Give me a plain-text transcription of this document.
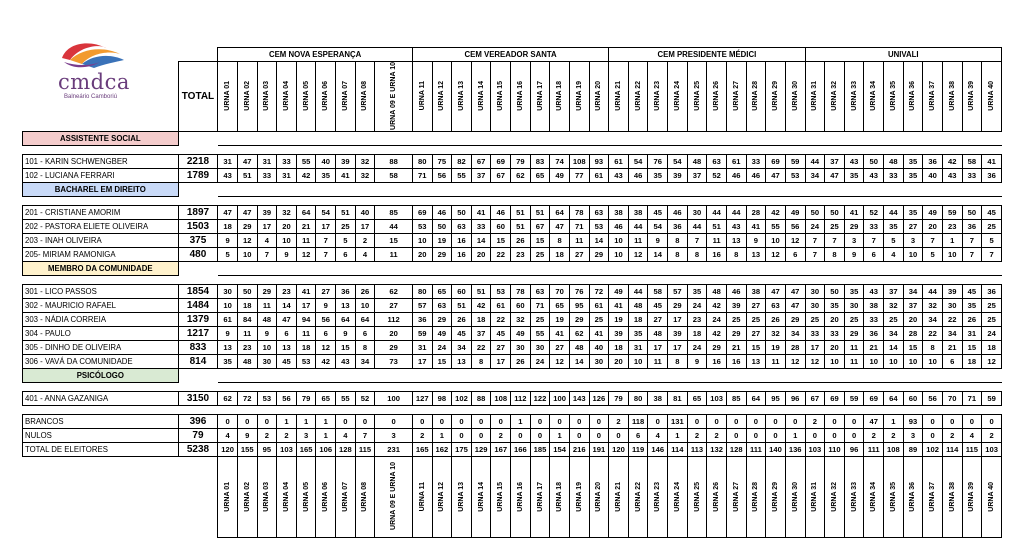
cmdca
Balneário Camboriú
		CEM NOVA ESPERANÇA									CEM VEREADOR SANTA										CEM PRESIDENTE MÉDICI										UNIVALI									
	TOTAL	URNA 01	URNA 02	URNA 03	URNA 04	URNA 05	URNA 06	URNA 07	URNA 08	URNA 09 E URNA 10	URNA 11	URNA 12	URNA 13	URNA 14	URNA 15	URNA 16	URNA 17	URNA 18	URNA 19	URNA 20	URNA 21	URNA 22	URNA 23	URNA 24	URNA 25	URNA 26	URNA 27	URNA 28	URNA 29	URNA 30	URNA 31	URNA 32	URNA 33	URNA 34	URNA 35	URNA 36	URNA 37	URNA 38	URNA 39	URNA 40
ASSISTENTE SOCIAL																																								

101 - KARIN SCHWENGBER	2218	31	47	31	33	55	40	39	32	88	80	75	82	67	69	79	83	74	108	93	61	54	76	54	48	63	61	33	69	59	44	37	43	50	48	35	36	42	58	41
102 - LUCIANA FERRARI	1789	43	51	33	31	42	35	41	32	58	71	56	55	37	67	62	65	49	77	61	43	46	35	39	37	52	46	46	47	53	34	47	35	43	33	35	40	43	33	36
BACHAREL EM DIREITO																																								

201 - CRISTIANE AMORIM	1897	47	47	39	32	64	54	51	40	85	69	46	50	41	46	51	51	64	78	63	38	38	45	46	30	44	44	28	42	49	50	50	41	52	44	35	49	59	50	45
202 - PASTORA ELIETE OLIVEIRA	1503	18	29	17	20	21	17	25	17	44	53	50	63	33	60	51	67	47	71	53	46	44	54	36	44	51	43	41	55	56	24	25	29	33	35	27	20	23	36	25
203 - INAH OLIVEIRA	375	9	12	4	10	11	7	5	2	15	10	19	16	14	15	26	15	8	11	14	10	11	9	8	7	11	13	9	10	12	7	7	3	7	5	3	7	1	7	5
205- MIRIAM RAMONIGA	480	5	10	7	9	12	7	6	4	11	20	29	16	20	22	23	25	18	27	29	10	12	14	8	8	16	8	13	12	6	7	8	9	6	4	10	5	10	7	7
MEMBRO DA COMUNIDADE																																								

301 - LICO PASSOS	1854	30	50	29	23	41	27	36	26	62	80	65	60	51	53	78	63	70	76	72	49	44	58	57	35	48	46	38	47	47	30	50	35	43	37	34	44	39	45	36
302 - MAURICIO RAFAEL	1484	10	18	11	14	17	9	13	10	27	57	63	51	42	61	60	71	65	95	61	41	48	45	29	24	42	39	27	63	47	30	35	30	38	32	37	32	30	35	25
303 - NÁDIA CORREIA	1379	61	84	48	47	94	56	64	64	112	36	29	26	18	22	32	25	19	29	25	19	18	27	17	23	24	25	25	26	29	25	20	25	33	25	20	34	22	26	25
304 - PAULO	1217	9	11	9	6	11	6	9	6	20	59	49	45	37	45	49	55	41	62	41	39	35	48	39	18	42	29	27	32	34	33	33	29	36	34	28	22	34	31	24
305 - DINHO DE OLIVEIRA	833	13	23	10	13	18	12	15	8	29	31	24	34	22	27	30	30	27	48	40	18	31	17	17	24	29	21	15	19	28	17	20	11	21	14	15	8	21	15	18
306 - VAVÁ DA COMUNIDADE	814	35	48	30	45	53	42	43	34	73	17	15	13	8	17	26	24	12	14	30	20	10	11	8	9	16	16	13	11	12	12	10	11	10	10	10	10	6	18	12
PSICÓLOGO																																								

401 - ANNA GAZANIGA	3150	62	72	53	56	79	65	55	52	100	127	98	102	88	108	112	122	100	143	126	79	80	38	81	65	103	85	64	95	96	67	69	59	69	64	60	56	70	71	59

BRANCOS	396	0	0	0	1	1	1	0	0	0	0	0	0	0	0	1	0	0	0	0	2	118	0	131	0	0	0	0	0	0	2	0	0	47	1	93	0	0	0	0
NULOS	79	4	9	2	2	3	1	4	7	3	2	1	0	0	2	0	0	1	0	0	0	6	4	1	2	2	0	0	0	1	0	0	0	2	2	3	0	2	4	2
TOTAL DE ELEITORES	5238	120	155	95	103	165	106	128	115	231	165	162	175	129	167	166	185	154	216	191	120	119	146	114	113	132	128	111	140	136	103	110	96	111	108	89	102	114	115	103
		URNA 01	URNA 02	URNA 03	URNA 04	URNA 05	URNA 06	URNA 07	URNA 08	URNA 09 E URNA 10	URNA 11	URNA 12	URNA 13	URNA 14	URNA 15	URNA 16	URNA 17	URNA 18	URNA 19	URNA 20	URNA 21	URNA 22	URNA 23	URNA 24	URNA 25	URNA 26	URNA 27	URNA 28	URNA 29	URNA 30	URNA 31	URNA 32	URNA 33	URNA 34	URNA 35	URNA 36	URNA 37	URNA 38	URNA 39	URNA 40
